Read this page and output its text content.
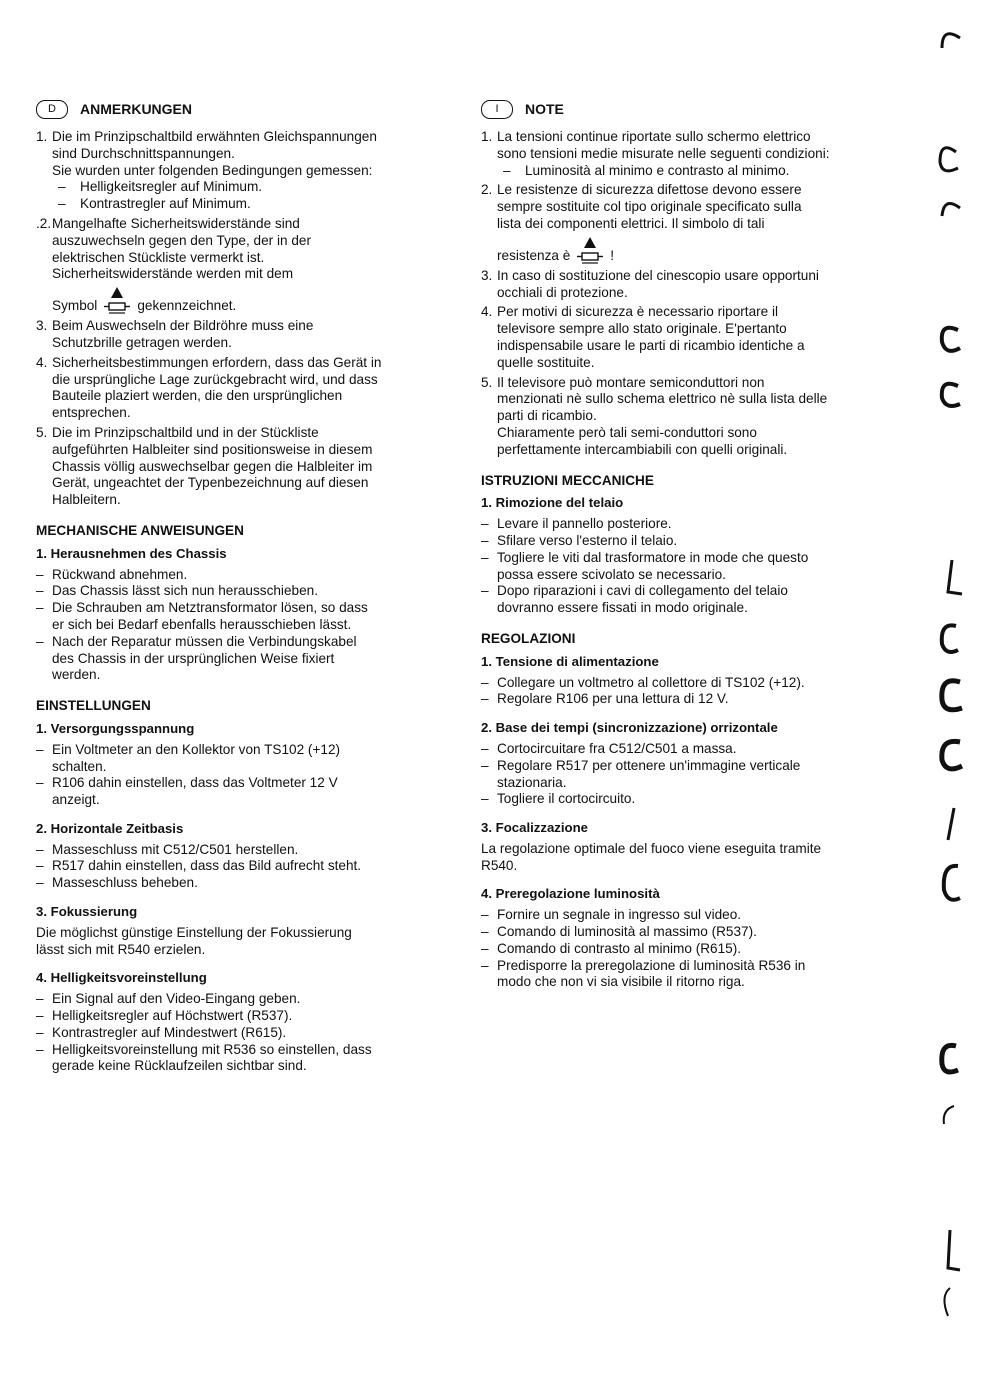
D	ANMERKUNGEN
1. Die im Prinzipschaltbild erwähnten Gleichspannungen
sind Durchschnittspannungen.
Sie wurden unter folgenden Bedingungen gemessen:
–	Helligkeitsregler auf Minimum.
–	Kontrastregler auf Minimum.
.2. Mangelhafte Sicherheitswiderstände sind
auszuwechseln gegen den Type, der in der
elektrischen Stückliste vermerkt ist.
Sicherheitswiderstände werden mit dem
Symbol	gekennzeichnet.
3. Beim Auswechseln der Bildröhre muss eine
Schutzbrille getragen werden.
4. Sicherheitsbestimmungen erfordern, dass das Gerät in
die ursprüngliche Lage zurückgebracht wird, und dass
Bauteile plaziert werden, die den ursprünglichen
entsprechen.
5. Die im Prinzipschaltbild und in der Stückliste
aufgeführten Halbleiter sind positionsweise in diesem
Chassis völlig auswechselbar gegen die Halbleiter im
Gerät, ungeachtet der Typenbezeichnung auf diesen
Halbleitern.
MECHANISCHE ANWEISUNGEN
1. Herausnehmen des Chassis
– Rückwand abnehmen.
– Das Chassis lässt sich nun herausschieben.
– Die Schrauben am Netztransformator lösen, so dass
er sich bei Bedarf ebenfalls herausschieben lässt.
– Nach der Reparatur müssen die Verbindungskabel
des Chassis in der ursprünglichen Weise fixiert
werden.
EINSTELLUNGEN
1. Versorgungsspannung
– Ein Voltmeter an den Kollektor von TS102 (+12)
schalten.
– R106 dahin einstellen, dass das Voltmeter 12 V
anzeigt.
2. Horizontale Zeitbasis
– Masseschluss mit C512/C501 herstellen.
– R517 dahin einstellen, dass das Bild aufrecht steht.
– Masseschluss beheben.
3. Fokussierung
Die möglichst günstige Einstellung der Fokussierung
lässt sich mit R540 erzielen.
4. Helligkeitsvoreinstellung
– Ein Signal auf den Video-Eingang geben.
– Helligkeitsregler auf Höchstwert (R537).
– Kontrastregler auf Mindestwert (R615).
– Helligkeitsvoreinstellung mit R536 so einstellen, dass
gerade keine Rücklaufzeilen sichtbar sind.
I	NOTE
1. La tensioni continue riportate sullo schermo elettrico
sono tensioni medie misurate nelle seguenti condizioni:
–	Luminosità al minimo e contrasto al minimo.
2. Le resistenze di sicurezza difettose devono essere
sempre sostituite col tipo originale specificato sulla
lista dei componenti elettrici. Il simbolo di tali
resistenza è	!
3. In caso di sostituzione del cinescopio usare opportuni
occhiali di protezione.
4. Per motivi di sicurezza è necessario riportare il
televisore sempre allo stato originale. E'pertanto
indispensabile usare le parti di ricambio identiche a
quelle sostituite.
5. Il televisore può montare semiconduttori non
menzionati nè sullo schema elettrico nè sulla lista delle
parti di ricambio.
Chiaramente però tali semi-conduttori sono
perfettamente intercambiabili con quelli originali.
ISTRUZIONI MECCANICHE
1. Rimozione del telaio
– Levare il pannello posteriore.
– Sfilare verso l'esterno il telaio.
– Togliere le viti dal trasformatore in mode che questo
possa essere scivolato se necessario.
– Dopo riparazioni i cavi di collegamento del telaio
dovranno essere fissati in modo originale.
REGOLAZIONI
1. Tensione di alimentazione
– Collegare un voltmetro al collettore di TS102 (+12).
– Regolare R106 per una lettura di 12 V.
2. Base dei tempi (sincronizzazione) orrizontale
– Cortocircuitare fra C512/C501 a massa.
– Regolare R517 per ottenere un'immagine verticale
stazionaria.
– Togliere il cortocircuito.
3. Focalizzazione
La regolazione optimale del fuoco viene eseguita tramite
R540.
4. Preregolazione luminosità
– Fornire un segnale in ingresso sul video.
– Comando di luminosità al massimo (R537).
– Comando di contrasto al minimo (R615).
– Predisporre la preregolazione di luminosità R536 in
modo che non vi sia visibile il ritorno riga.
